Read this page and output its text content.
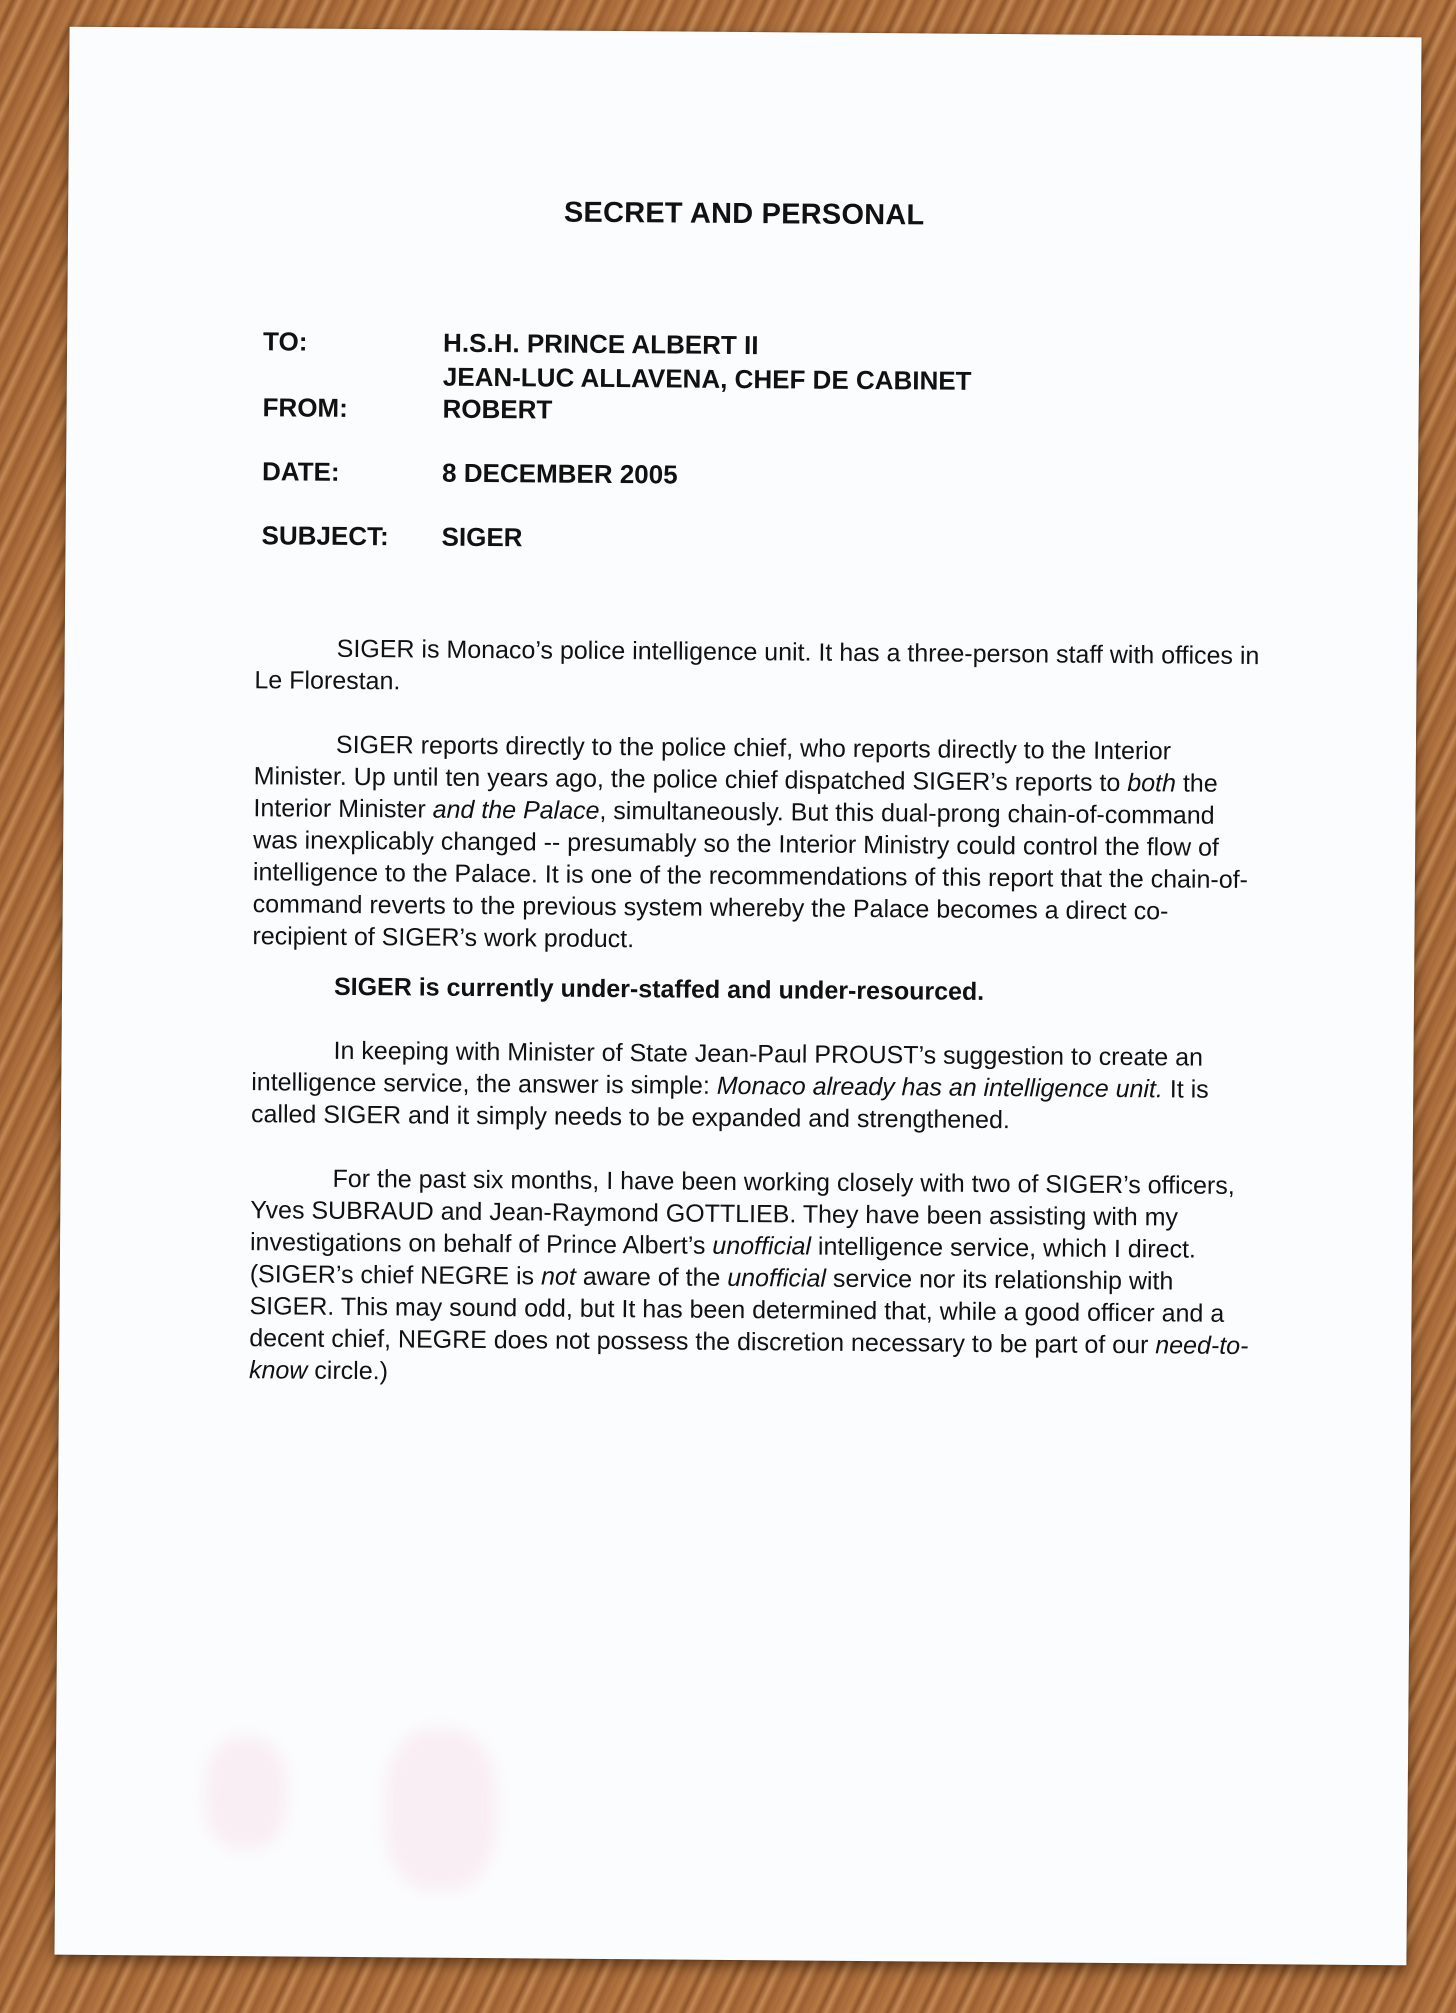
SECRET AND PERSONAL
TO:	H.S.H. PRINCE ALBERT II
JEAN-LUC ALLAVENA, CHEF DE CABINET
FROM:	ROBERT
DATE:	8 DECEMBER 2005
SUBJECT: SIGER

SIGER is Monaco’s police intelligence unit. It has a three-person staff with offices in Le Florestan.

SIGER reports directly to the police chief, who reports directly to the Interior Minister. Up until ten years ago, the police chief dispatched SIGER’s reports to both the Interior Minister and the Palace, simultaneously. But this dual-prong chain-of-command was inexplicably changed -- presumably so the Interior Ministry could control the flow of intelligence to the Palace. It is one of the recommendations of this report that the chain-of-command reverts to the previous system whereby the Palace becomes a direct co-recipient of SIGER’s work product.

SIGER is currently under-staffed and under-resourced.

In keeping with Minister of State Jean-Paul PROUST’s suggestion to create an intelligence service, the answer is simple: Monaco already has an intelligence unit. It is called SIGER and it simply needs to be expanded and strengthened.

For the past six months, I have been working closely with two of SIGER’s officers, Yves SUBRAUD and Jean-Raymond GOTTLIEB. They have been assisting with my investigations on behalf of Prince Albert’s unofficial intelligence service, which I direct. (SIGER’s chief NEGRE is not aware of the unofficial service nor its relationship with SIGER. This may sound odd, but It has been determined that, while a good officer and a decent chief, NEGRE does not possess the discretion necessary to be part of our need-to-know circle.)
